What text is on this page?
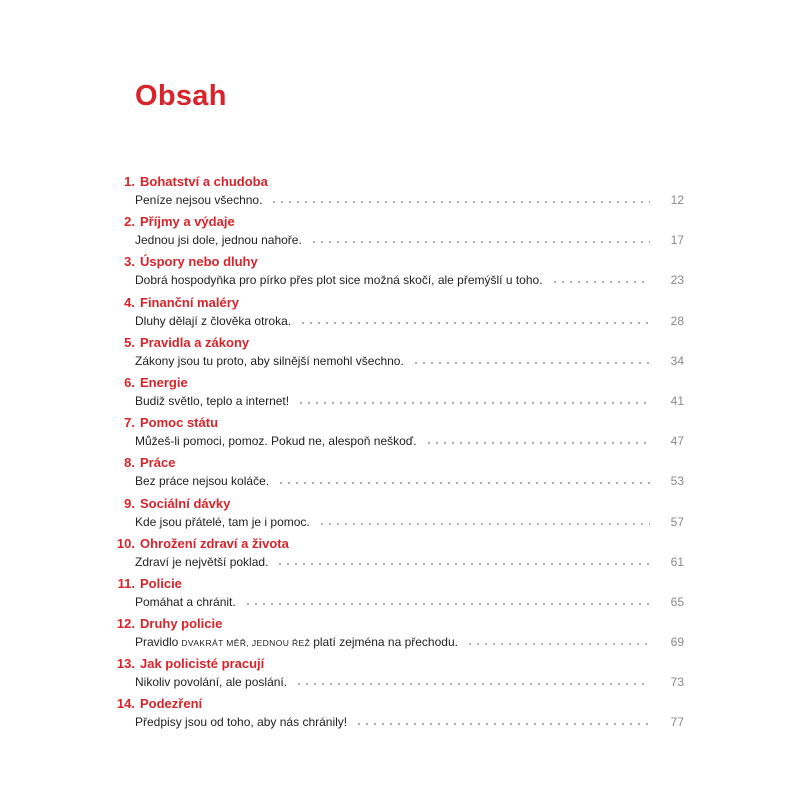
Obsah
1. Bohatství a chudoba
Peníze nejsou všechno.	12
2. Příjmy a výdaje
Jednou jsi dole, jednou nahoře.	17
3. Úspory nebo dluhy
Dobrá hospodyňka pro pírko přes plot sice možná skočí, ale přemýšlí u toho.	23
4. Finanční maléry
Dluhy dělají z člověka otroka.	28
5. Pravidla a zákony
Zákony jsou tu proto, aby silnější nemohl všechno.	34
6. Energie
Budiž světlo, teplo a internet!	41
7. Pomoc státu
Můžeš-li pomoci, pomoz. Pokud ne, alespoň neškoď.	47
8. Práce
Bez práce nejsou koláče.	53
9. Sociální dávky
Kde jsou přátelé, tam je i pomoc.	57
10. Ohrožení zdraví a života
Zdraví je největší poklad.	61
11. Policie
Pomáhat a chránit.	65
12. Druhy policie
Pravidlo DVAKRÁT MĚŘ, JEDNOU ŘEŽ platí zejména na přechodu.	69
13. Jak policisté pracují
Nikoliv povolání, ale poslání.	73
14. Podezření
Předpisy jsou od toho, aby nás chránily!	77
